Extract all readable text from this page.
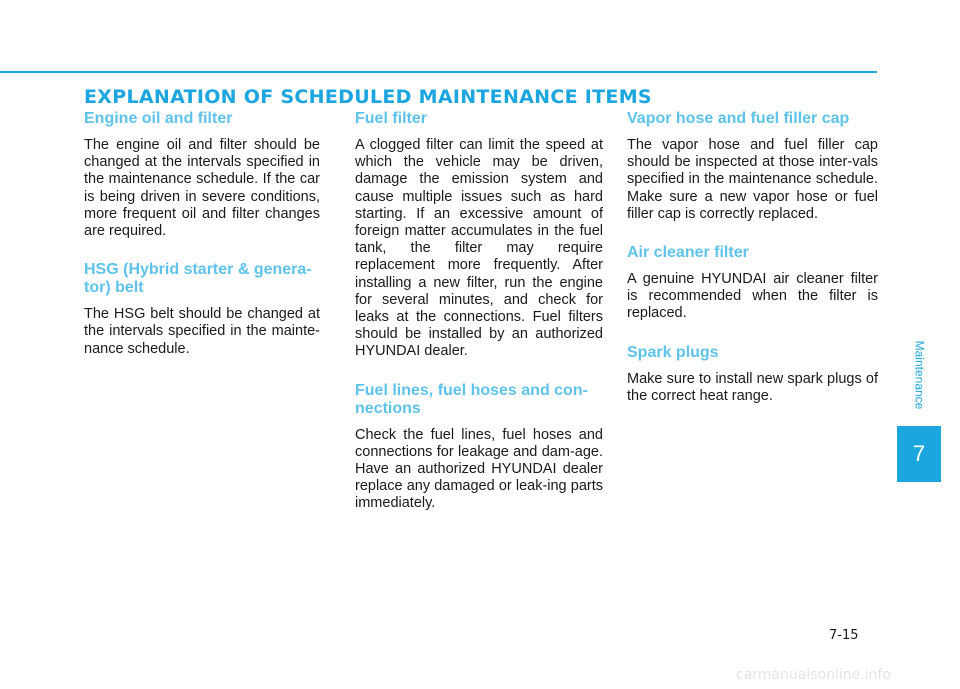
EXPLANATION OF SCHEDULED MAINTENANCE ITEMS
Engine oil and filter

The engine oil and filter should be changed at the intervals specified in the maintenance schedule. If the car is being driven in severe conditions, more frequent oil and filter changes are required.

HSG (Hybrid starter & genera-tor) belt

The HSG belt should be changed at the intervals specified in the mainte-nance schedule.

Fuel filter

A clogged filter can limit the speed at which the vehicle may be driven, damage the emission system and cause multiple issues such as hard starting. If an excessive amount of foreign matter accumulates in the fuel tank, the filter may require replacement more frequently. After installing a new filter, run the engine for several minutes, and check for leaks at the connections. Fuel filters should be installed by an authorized HYUNDAI dealer.

Fuel lines, fuel hoses and con-nections

Check the fuel lines, fuel hoses and connections for leakage and dam-age. Have an authorized HYUNDAI dealer replace any damaged or leak-ing parts immediately.

Vapor hose and fuel filler cap

The vapor hose and fuel filler cap should be inspected at those inter-vals specified in the maintenance schedule. Make sure a new vapor hose or fuel filler cap is correctly replaced.

Air cleaner filter

A genuine HYUNDAI air cleaner filter is recommended when the filter is replaced.

Spark plugs

Make sure to install new spark plugs of the correct heat range.	Maintenance
7
7-15
carmanualsonline.info
